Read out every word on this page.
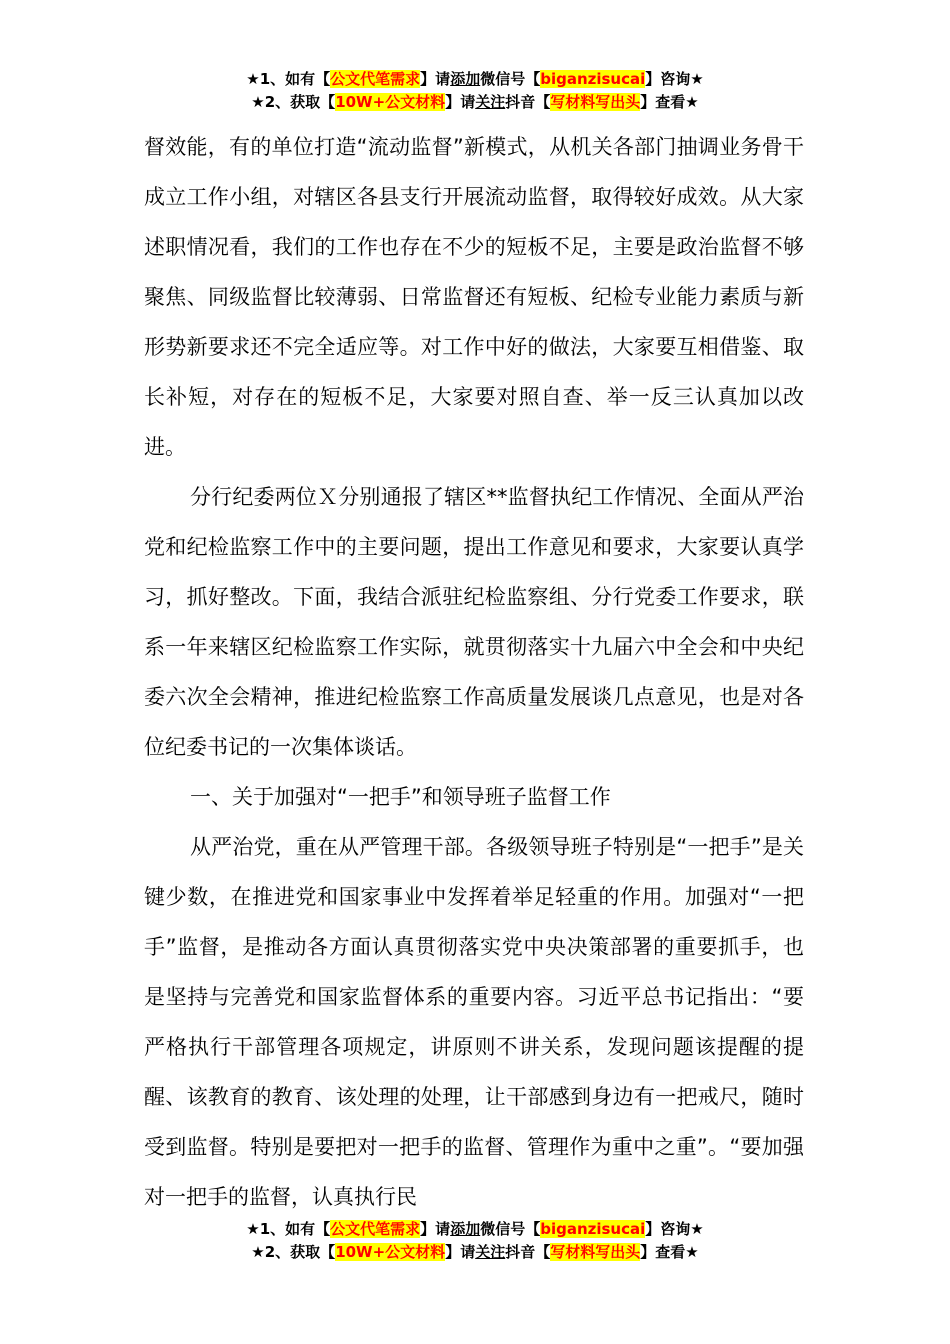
★1、如有【公文代笔需求】请添加微信号【biganzisucai】咨询★
★2、获取【10W+公文材料】请关注抖音【写材料写出头】查看★

督效能，有的单位打造“流动监督”新模式，从机关各部门抽调业务骨干成立工作小组，对辖区各县支行开展流动监督，取得较好成效。从大家述职情况看，我们的工作也存在不少的短板不足，主要是政治监督不够聚焦、同级监督比较薄弱、日常监督还有短板、纪检专业能力素质与新形势新要求还不完全适应等。对工作中好的做法，大家要互相借鉴、取长补短，对存在的短板不足，大家要对照自查、举一反三认真加以改进。

分行纪委两位Ｘ分别通报了辖区**监督执纪工作情况、全面从严治党和纪检监察工作中的主要问题，提出工作意见和要求，大家要认真学习，抓好整改。下面，我结合派驻纪检监察组、分行党委工作要求，联系一年来辖区纪检监察工作实际，就贯彻落实十九届六中全会和中央纪委六次全会精神，推进纪检监察工作高质量发展谈几点意见，也是对各位纪委书记的一次集体谈话。

一、关于加强对“一把手”和领导班子监督工作

从严治党，重在从严管理干部。各级领导班子特别是“一把手”是关键少数，在推进党和国家事业中发挥着举足轻重的作用。加强对“一把手”监督，是推动各方面认真贯彻落实党中央决策部署的重要抓手，也是坚持与完善党和国家监督体系的重要内容。习近平总书记指出：“要严格执行干部管理各项规定，讲原则不讲关系，发现问题该提醒的提醒、该教育的教育、该处理的处理，让干部感到身边有一把戒尺，随时受到监督。特别是要把对一把手的监督、管理作为重中之重”。“要加强对一把手的监督，认真执行民

★1、如有【公文代笔需求】请添加微信号【biganzisucai】咨询★
★2、获取【10W+公文材料】请关注抖音【写材料写出头】查看★
